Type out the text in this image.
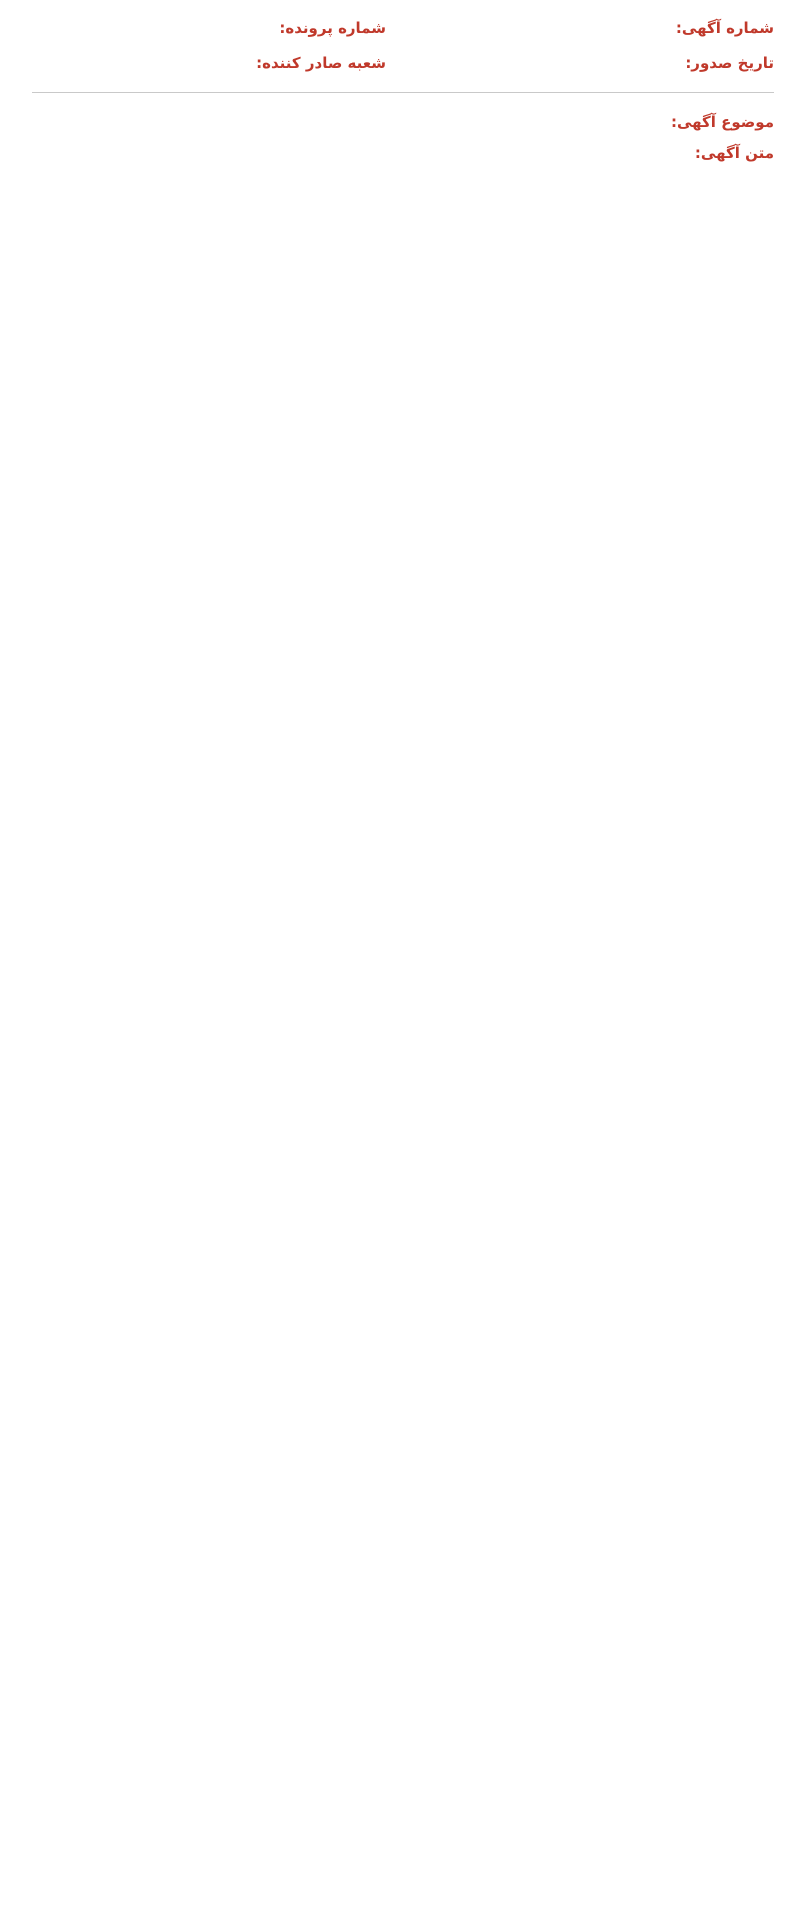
شماره آگهی:
شماره پرونده:
تاریخ صدور:
شعبه صادر کننده:
موضوع آگهی:
متن آگهی:
